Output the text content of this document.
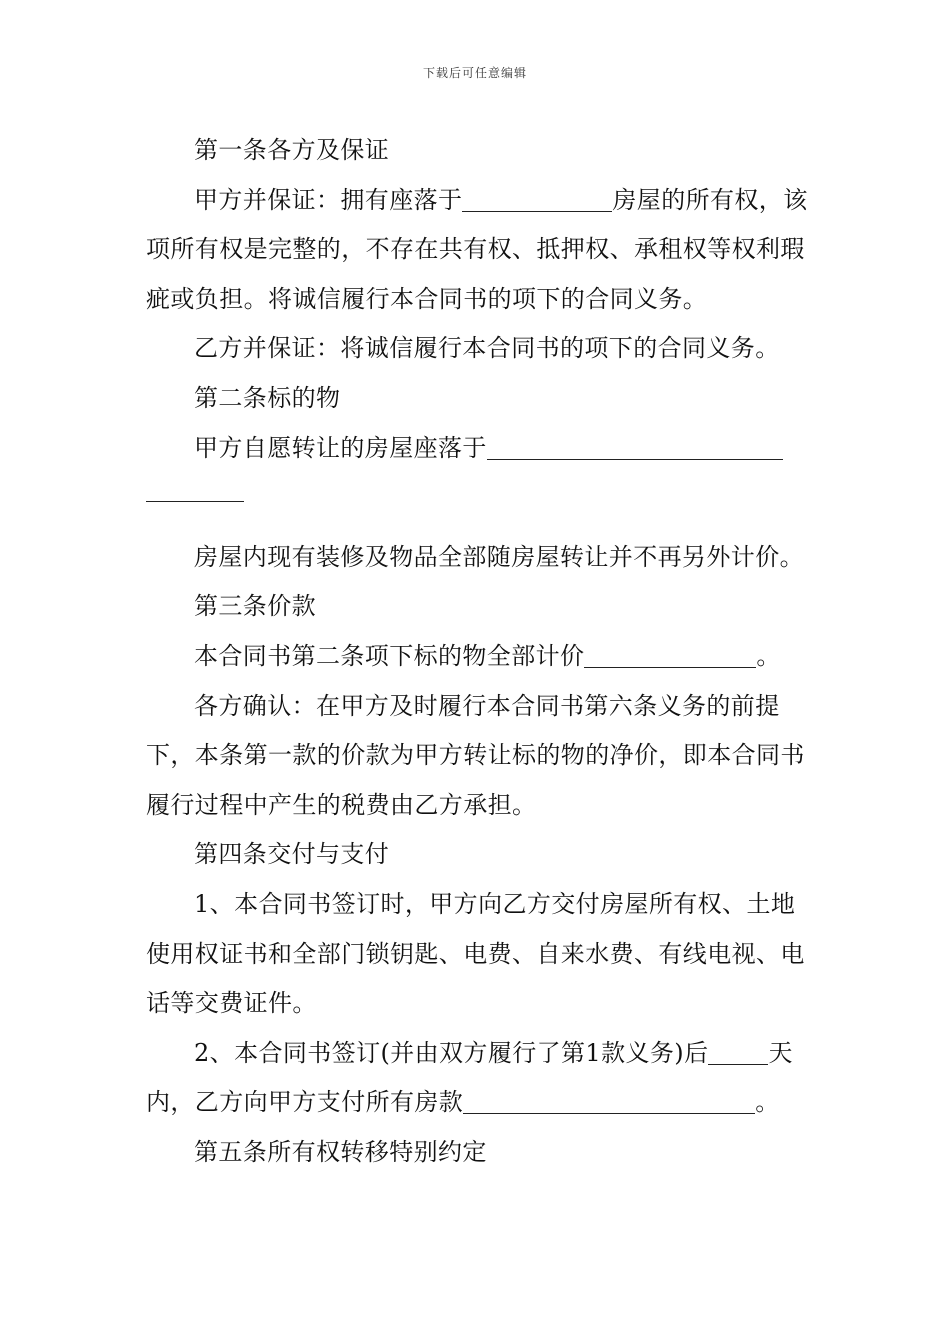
下载后可任意编辑

第一条各方及保证

甲方并保证：拥有座落于	房屋的所有权，该项所有权是完整的，不存在共有权、抵押权、承租权等权利瑕疵或负担。将诚信履行本合同书的项下的合同义务。

乙方并保证：将诚信履行本合同书的项下的合同义务。

第二条标的物

甲方自愿转让的房屋座落于

房屋内现有装修及物品全部随房屋转让并不再另外计价。

第三条价款

本合同书第二条项下标的物全部计价	。

各方确认：在甲方及时履行本合同书第六条义务的前提下，本条第一款的价款为甲方转让标的物的净价，即本合同书履行过程中产生的税费由乙方承担。

第四条交付与支付

1、本合同书签订时，甲方向乙方交付房屋所有权、土地使用权证书和全部门锁钥匙、电费、自来水费、有线电视、电话等交费证件。

2、本合同书签订(并由双方履行了第1款义务)后	天内，乙方向甲方支付所有房款	。

第五条所有权转移特别约定
